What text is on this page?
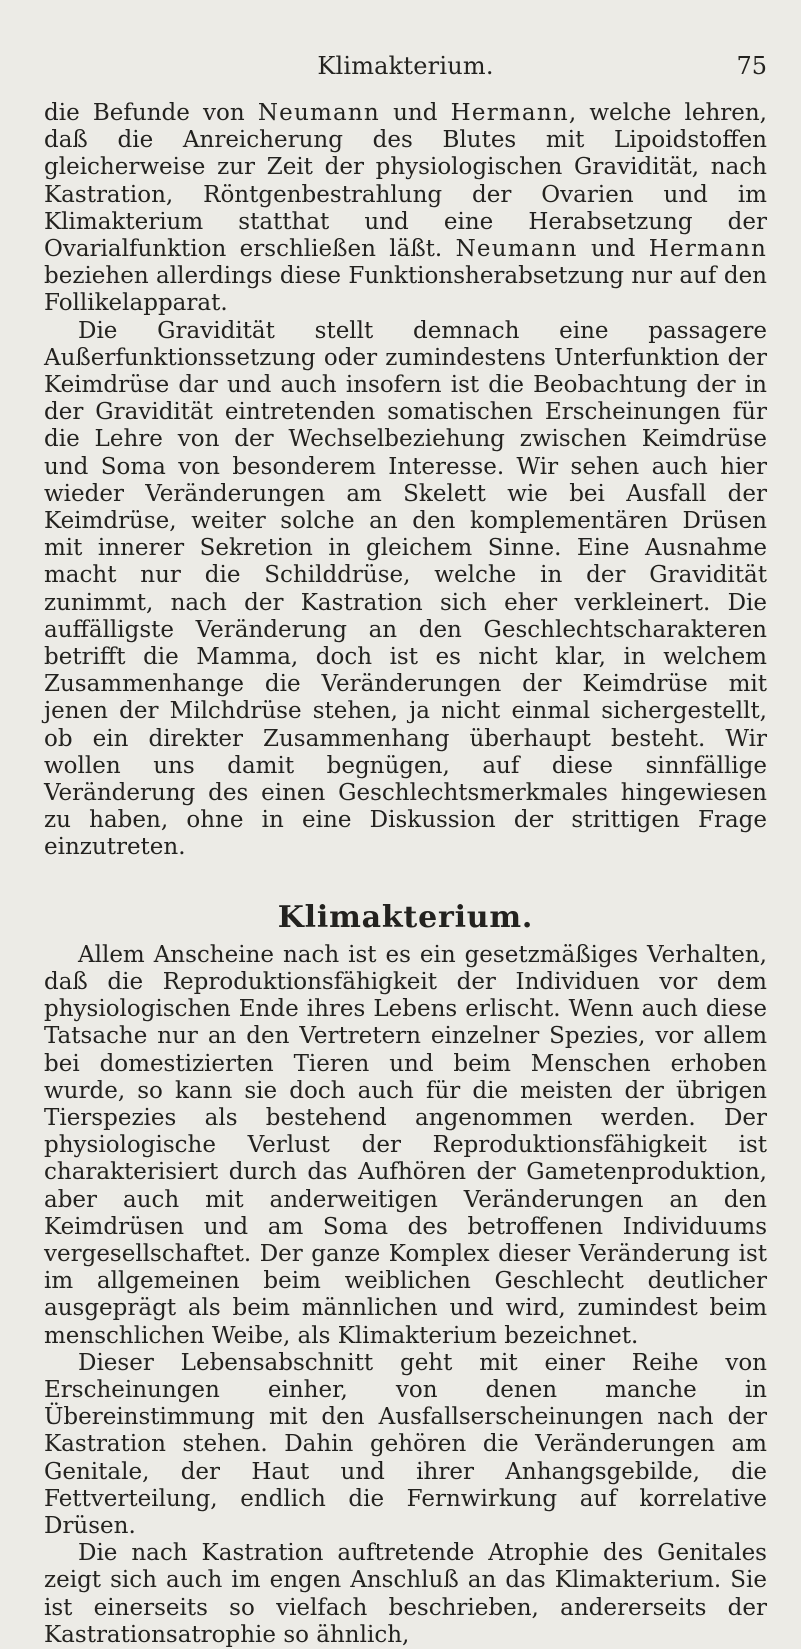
Klimakterium.	75

die Befunde von Neumann und Hermann, welche lehren, daß die Anreicherung des Blutes mit Lipoidstoffen gleicherweise zur Zeit der physiologischen Gravidität, nach Kastration, Röntgenbestrahlung der Ovarien und im Klimakterium statthat und eine Herabsetzung der Ovarialfunktion erschließen läßt. Neumann und Hermann beziehen allerdings diese Funktionsherabsetzung nur auf den Follikelapparat.

Die Gravidität stellt demnach eine passagere Außerfunktionssetzung oder zumindestens Unterfunktion der Keimdrüse dar und auch insofern ist die Beobachtung der in der Gravidität eintretenden somatischen Erscheinungen für die Lehre von der Wechselbeziehung zwischen Keimdrüse und Soma von besonderem Interesse. Wir sehen auch hier wieder Veränderungen am Skelett wie bei Ausfall der Keimdrüse, weiter solche an den komplementären Drüsen mit innerer Sekretion in gleichem Sinne. Eine Ausnahme macht nur die Schilddrüse, welche in der Gravidität zunimmt, nach der Kastration sich eher verkleinert. Die auffälligste Veränderung an den Geschlechtscharakteren betrifft die Mamma, doch ist es nicht klar, in welchem Zusammenhange die Veränderungen der Keimdrüse mit jenen der Milchdrüse stehen, ja nicht einmal sichergestellt, ob ein direkter Zusammenhang überhaupt besteht. Wir wollen uns damit begnügen, auf diese sinnfällige Veränderung des einen Geschlechtsmerkmales hingewiesen zu haben, ohne in eine Diskussion der strittigen Frage einzutreten.

Klimakterium.

Allem Anscheine nach ist es ein gesetzmäßiges Verhalten, daß die Reproduktionsfähigkeit der Individuen vor dem physiologischen Ende ihres Lebens erlischt. Wenn auch diese Tatsache nur an den Vertretern einzelner Spezies, vor allem bei domestizierten Tieren und beim Menschen erhoben wurde, so kann sie doch auch für die meisten der übrigen Tierspezies als bestehend angenommen werden. Der physiologische Verlust der Reproduktionsfähigkeit ist charakterisiert durch das Aufhören der Gametenproduktion, aber auch mit anderweitigen Veränderungen an den Keimdrüsen und am Soma des betroffenen Individuums vergesellschaftet. Der ganze Komplex dieser Veränderung ist im allgemeinen beim weiblichen Geschlecht deutlicher ausgeprägt als beim männlichen und wird, zumindest beim menschlichen Weibe, als Klimakterium bezeichnet.

Dieser Lebensabschnitt geht mit einer Reihe von Erscheinungen einher, von denen manche in Übereinstimmung mit den Ausfallserscheinungen nach der Kastration stehen. Dahin gehören die Veränderungen am Genitale, der Haut und ihrer Anhangsgebilde, die Fettverteilung, endlich die Fernwirkung auf korrelative Drüsen.

Die nach Kastration auftretende Atrophie des Genitales zeigt sich auch im engen Anschluß an das Klimakterium. Sie ist einerseits so vielfach beschrieben, andererseits der Kastrationsatrophie so ähnlich,
